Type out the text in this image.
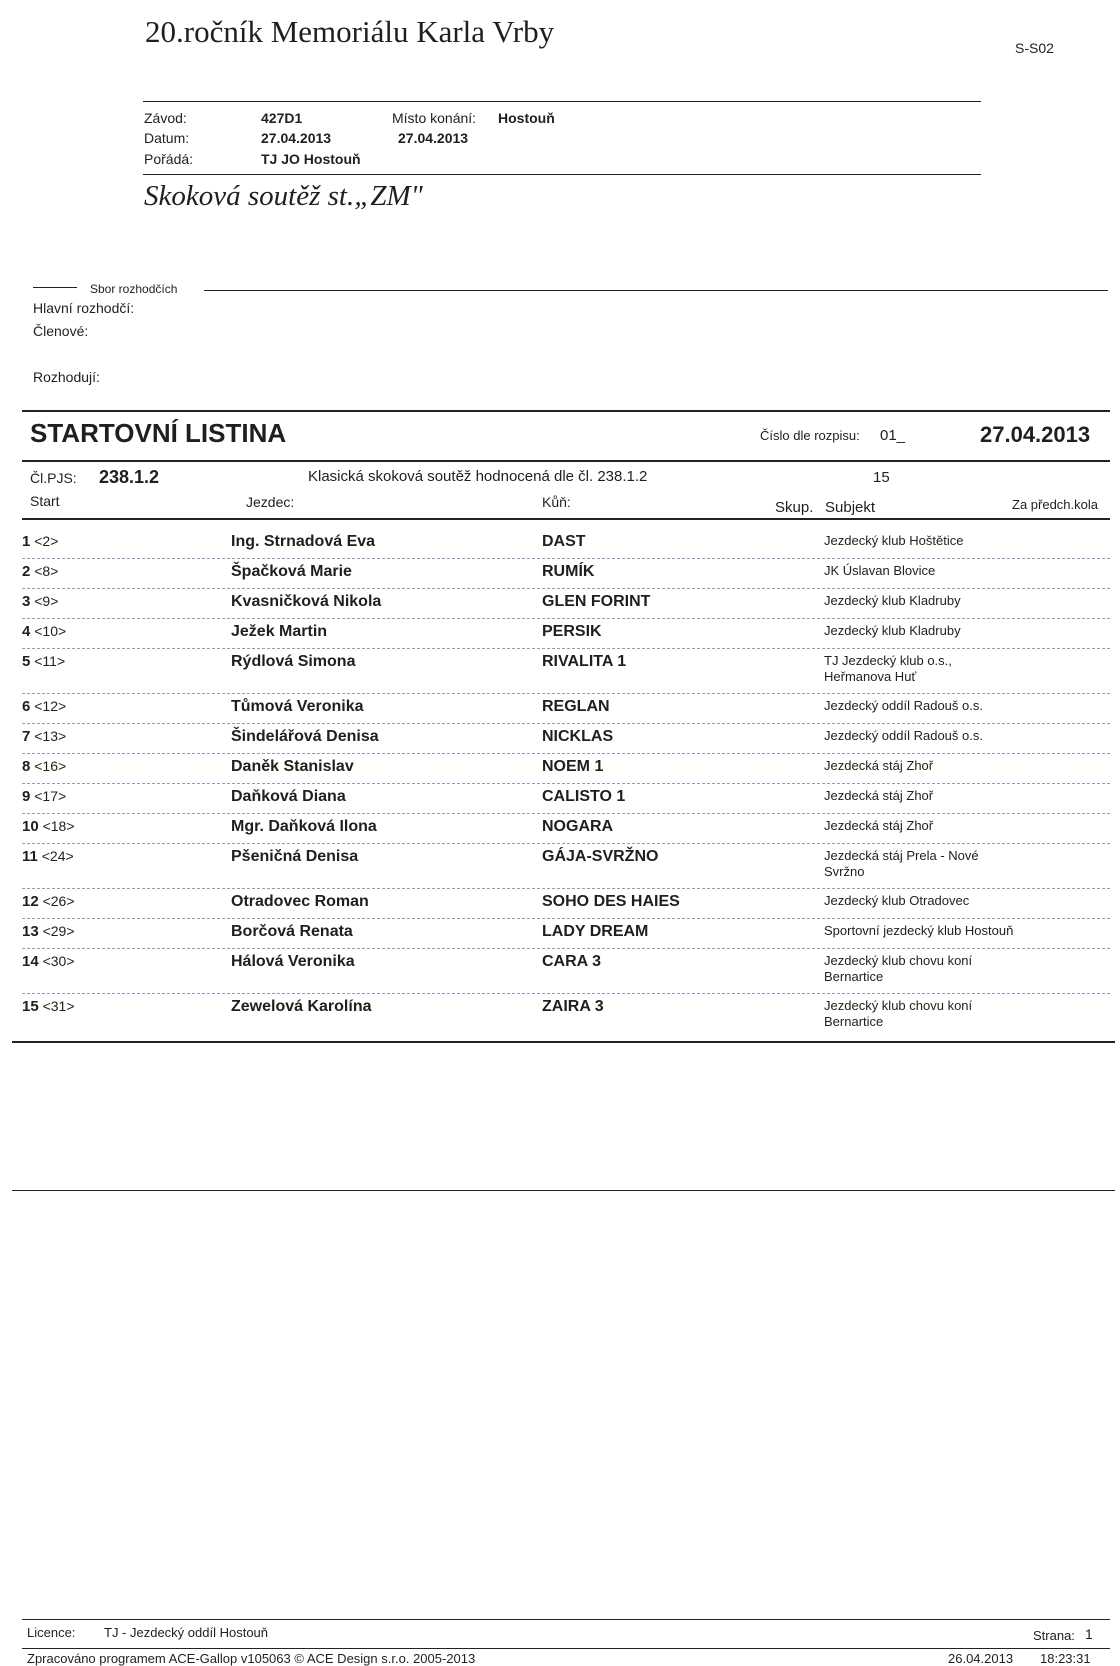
20.ročník Memoriálu Karla Vrby	S-S02
Závod:	427D1	Místo konání: Hostouň
Datum:	27.04.2013	27.04.2013
Pořádá:	TJ JO Hostouň
Skoková soutěž st.„ZM"
Sbor rozhodčích
Hlavní rozhodčí:
Členové:
Rozhodují:
STARTOVNÍ LISTINA	Číslo dle rozpisu: 01_	27.04.2013
Čl.PJS: 238.1.2	Klasická skoková soutěž hodnocená dle čl. 238.1.2	15
Start	Jezdec:	Kůň:	Skup. Subjekt	Za předch.kola
1 <2>	Ing. Strnadová Eva	DAST	Jezdecký klub Hoštětice
2 <8>	Špačková Marie	RUMÍK	JK Úslavan Blovice
3 <9>	Kvasničková Nikola	GLEN FORINT	Jezdecký klub Kladruby
4 <10>	Ježek Martin	PERSIK	Jezdecký klub Kladruby
5 <11>	Rýdlová Simona	RIVALITA 1	TJ Jezdecký klub o.s., Heřmanova Huť
6 <12>	Tůmová Veronika	REGLAN	Jezdecký oddíl Radouš o.s.
7 <13>	Šindelářová Denisa	NICKLAS	Jezdecký oddíl Radouš o.s.
8 <16>	Daněk Stanislav	NOEM 1	Jezdecká stáj Zhoř
9 <17>	Daňková Diana	CALISTO 1	Jezdecká stáj Zhoř
10 <18>	Mgr. Daňková Ilona	NOGARA	Jezdecká stáj Zhoř
11 <24>	Pšeničná Denisa	GÁJA-SVRŽNO	Jezdecká stáj Prela - Nové Svržno
12 <26>	Otradovec Roman	SOHO DES HAIES	Jezdecký klub Otradovec
13 <29>	Borčová Renata	LADY DREAM	Sportovní jezdecký klub Hostouň
14 <30>	Hálová Veronika	CARA 3	Jezdecký klub chovu koní Bernartice
15 <31>	Zewelová Karolína	ZAIRA 3	Jezdecký klub chovu koní Bernartice
Licence: TJ - Jezdecký oddíl Hostouň	Strana: 1
Zpracováno programem ACE-Gallop v105063 © ACE Design s.r.o. 2005-2013	26.04.2013 18:23:31
